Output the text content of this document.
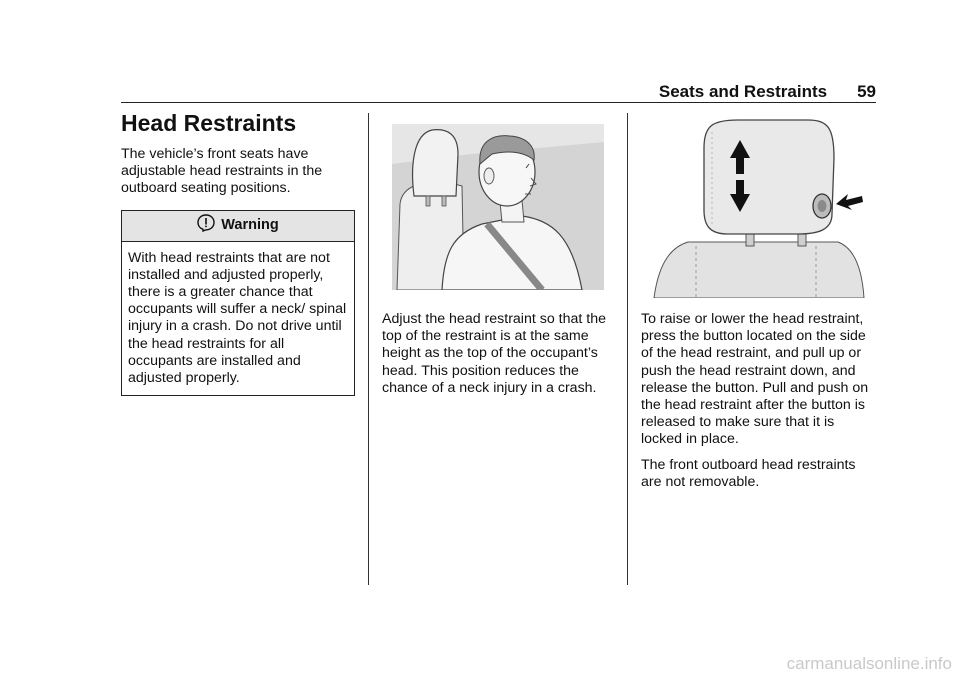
Seats and Restraints 59
Head Restraints

The vehicle’s front seats have adjustable head restraints in the outboard seating positions.

Warning
With head restraints that are not installed and adjusted properly, there is a greater chance that occupants will suffer a neck/ spinal injury in a crash. Do not drive until the head restraints for all occupants are installed and adjusted properly.

Adjust the head restraint so that the top of the restraint is at the same height as the top of the occupant’s head. This position reduces the chance of a neck injury in a crash.

To raise or lower the head restraint, press the button located on the side of the head restraint, and pull up or push the head restraint down, and release the button. Pull and push on the head restraint after the button is released to make sure that it is locked in place.

The front outboard head restraints are not removable.

carmanualsonline.info
